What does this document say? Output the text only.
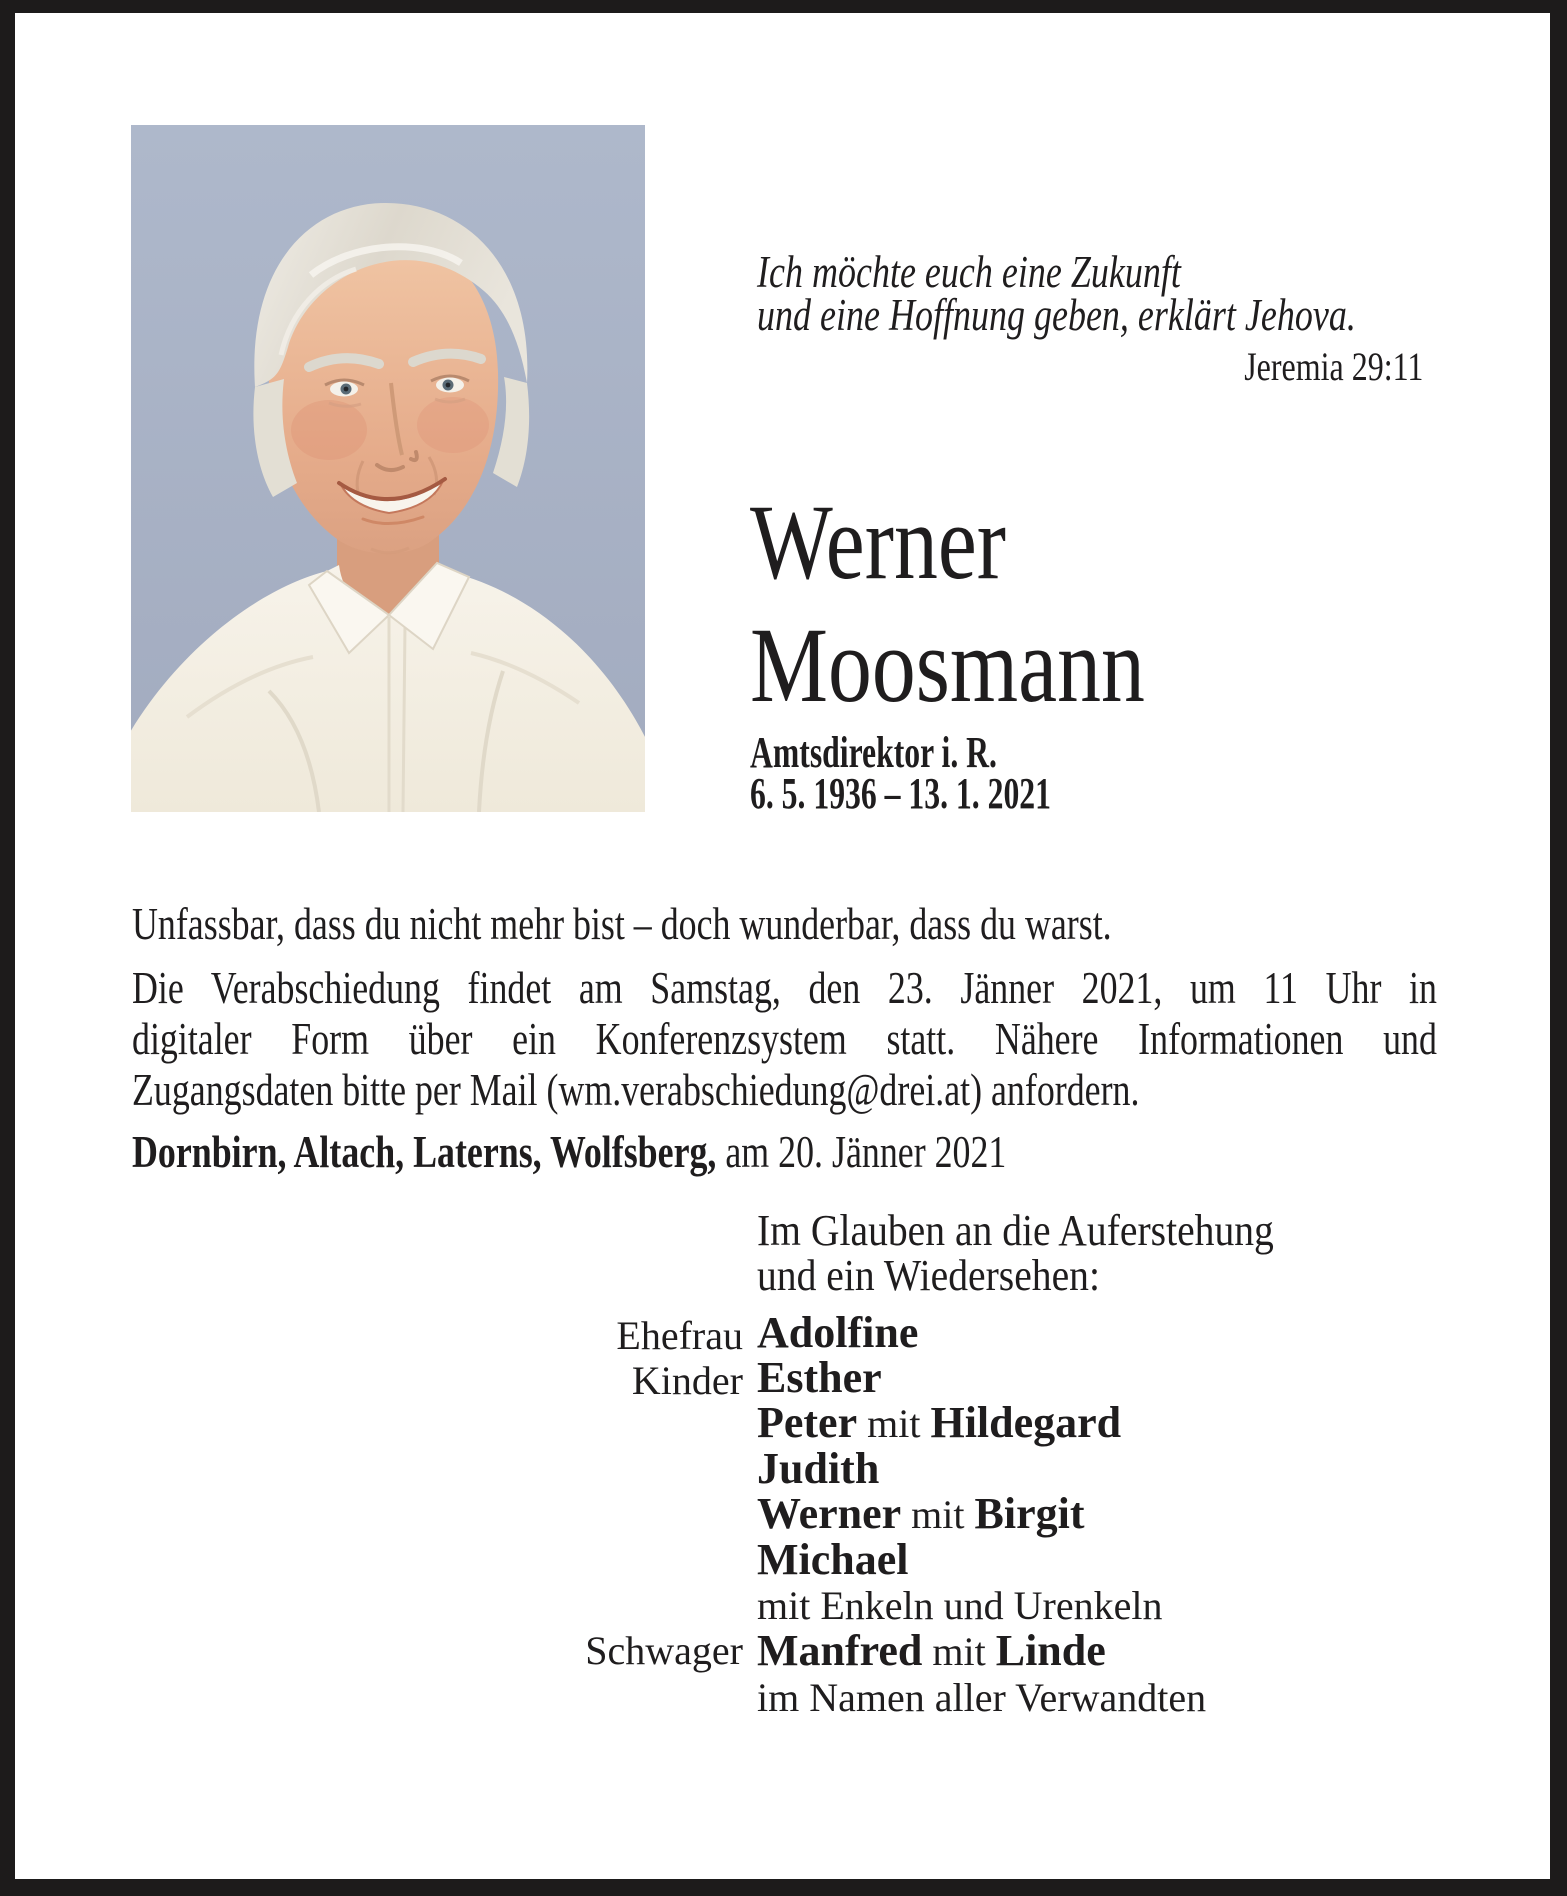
Ich möchte euch eine Zukunft
und eine Hoffnung geben, erklärt Jehova.
Jeremia 29:11
Werner
Moosmann
Amtsdirektor i. R.
6. 5. 1936 – 13. 1. 2021
Unfassbar, dass du nicht mehr bist – doch wunderbar, dass du warst.
Die Verabschiedung findet am Samstag, den 23. Jänner 2021, um 11 Uhr in
digitaler Form über ein Konferenzsystem statt. Nähere Informationen und
Zugangsdaten bitte per Mail (wm.verabschiedung@drei.at) anfordern.
Dornbirn, Altach, Laterns, Wolfsberg, am 20. Jänner 2021
Im Glauben an die Auferstehung
und ein Wiedersehen:
Ehefrau
Kinder

Schwager

Adolfine
Esther
Peter mit Hildegard
Judith
Werner mit Birgit
Michael
mit Enkeln und Urenkeln
Manfred mit Linde
im Namen aller Verwandten
